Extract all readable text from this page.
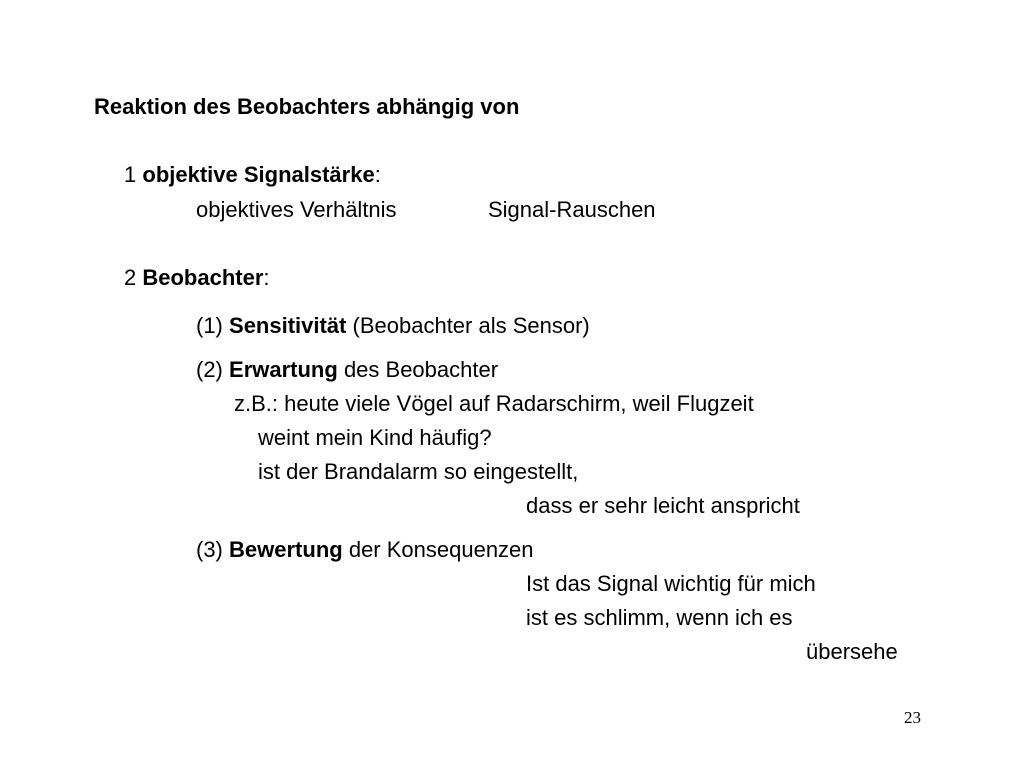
Reaktion des Beobachters abhängig von
1 objektive Signalstärke:
objektives Verhältnis	Signal-Rauschen
2 Beobachter:
(1) Sensitivität (Beobachter als Sensor)
(2) Erwartung des Beobachter
z.B.: heute viele Vögel auf Radarschirm, weil Flugzeit
weint mein Kind häufig?
ist der Brandalarm so eingestellt,
dass er sehr leicht anspricht
(3) Bewertung der Konsequenzen
Ist das Signal wichtig für mich
ist es schlimm, wenn ich es
übersehe
23
